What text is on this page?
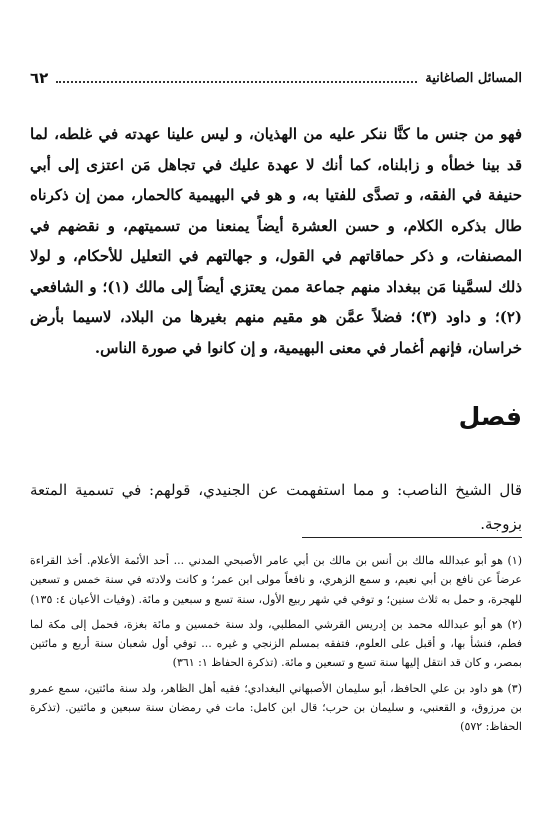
٦٢	المسائل الصاغانية

فهو من جنس ما كنَّا ننكر عليه من الهذيان، و ليس علينا عهدته في غلطه، لما قد بينا خطأه و زابلناه، كما أنك لا عهدة عليك في تجاهل مَن اعتزى إلى أبي حنيفة في الفقه، و تصدَّى للفتيا به، و هو في البهيمية كالحمار، ممن إن ذكرناه طال بذكره الكلام، و حسن العشرة أيضاً يمنعنا من تسميتهم، و نقضهم في المصنفات، و ذكر حماقاتهم في القول، و جهالتهم في التعليل للأحكام، و لولا ذلك لسمَّينا مَن ببغداد منهم جماعة ممن يعتزي أيضاً إلى مالك (١)؛ و الشافعي (٢)؛ و داود (٣)؛ فضلاً عمَّن هو مقيم منهم بغيرها من البلاد، لاسيما بأرض خراسان، فإنهم أغمار في معنى البهيمية، و إن كانوا في صورة الناس.

فصل

قال الشيخ الناصب: و مما استفهمت عن الجنيدي، قولهم: في تسمية المتعة بزوجة.

(١) هو أبو عبدالله مالك بن أنس بن مالك بن أبي عامر الأصبحي المدني ... أحد الأئمة الأعلام. أخذ القراءة عرضاً عن نافع بن أبي نعيم، و سمع الزهري، و نافعاً مولى ابن عمر؛ و كانت ولادته في سنة خمس و تسعين للهجرة، و حمل به ثلاث سنين؛ و توفي في شهر ربيع الأول، سنة تسع و سبعين و مائة. (وفيات الأعيان ٤: ١٣٥)

(٢) هو أبو عبدالله محمد بن إدريس القرشي المطلبي، ولد سنة خمسين و مائة بغزة، فحمل إلى مكة لما فطم، فنشأ بها، و أقبل على العلوم، فتفقه بمسلم الزنجي و غيره ... توفي أول شعبان سنة أربع و مائتين بمصر، و كان قد انتقل إليها سنة تسع و تسعين و مائة. (تذكرة الحفاظ ١: ٣٦١)

(٣) هو داود بن علي الحافظ، أبو سليمان الأصبهاني البغدادي؛ فقيه أهل الظاهر، ولد سنة مائتين، سمع عمرو بن مرزوق، و القعنبي، و سليمان بن حرب؛ قال ابن كامل: مات في رمضان سنة سبعين و مائتين. (تذكرة الحفاظ: ٥٧٢)
